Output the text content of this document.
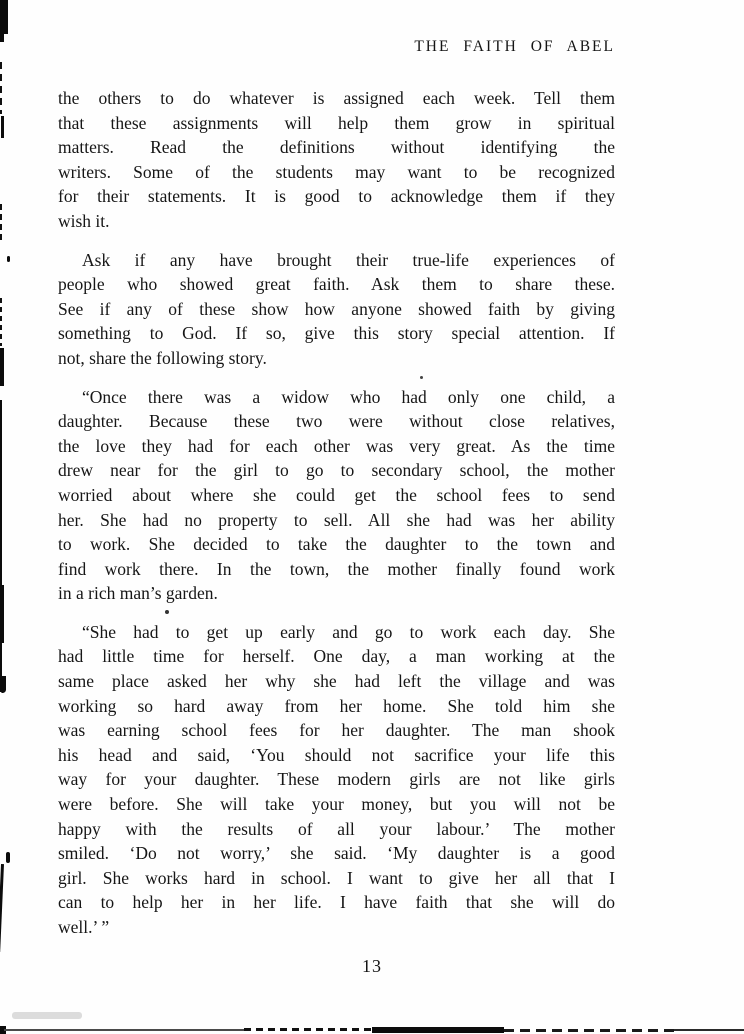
THE FAITH OF ABEL
the others to do whatever is assigned each week. Tell them
that these assignments will help them grow in spiritual
matters. Read the definitions without identifying the
writers. Some of the students may want to be recognized
for their statements. It is good to acknowledge them if they
wish it.
Ask if any have brought their true-life experiences of
people who showed great faith. Ask them to share these.
See if any of these show how anyone showed faith by giving
something to God. If so, give this story special attention. If
not, share the following story.
“Once there was a widow who had only one child, a
daughter. Because these two were without close relatives,
the love they had for each other was very great. As the time
drew near for the girl to go to secondary school, the mother
worried about where she could get the school fees to send
her. She had no property to sell. All she had was her ability
to work. She decided to take the daughter to the town and
find work there. In the town, the mother finally found work
in a rich man’s garden.
“She had to get up early and go to work each day. She
had little time for herself. One day, a man working at the
same place asked her why she had left the village and was
working so hard away from her home. She told him she
was earning school fees for her daughter. The man shook
his head and said, ‘You should not sacrifice your life this
way for your daughter. These modern girls are not like girls
were before. She will take your money, but you will not be
happy with the results of all your labour.’ The mother
smiled. ‘Do not worry,’ she said. ‘My daughter is a good
girl. She works hard in school. I want to give her all that I
can to help her in her life. I have faith that she will do
well.’ ”
13
